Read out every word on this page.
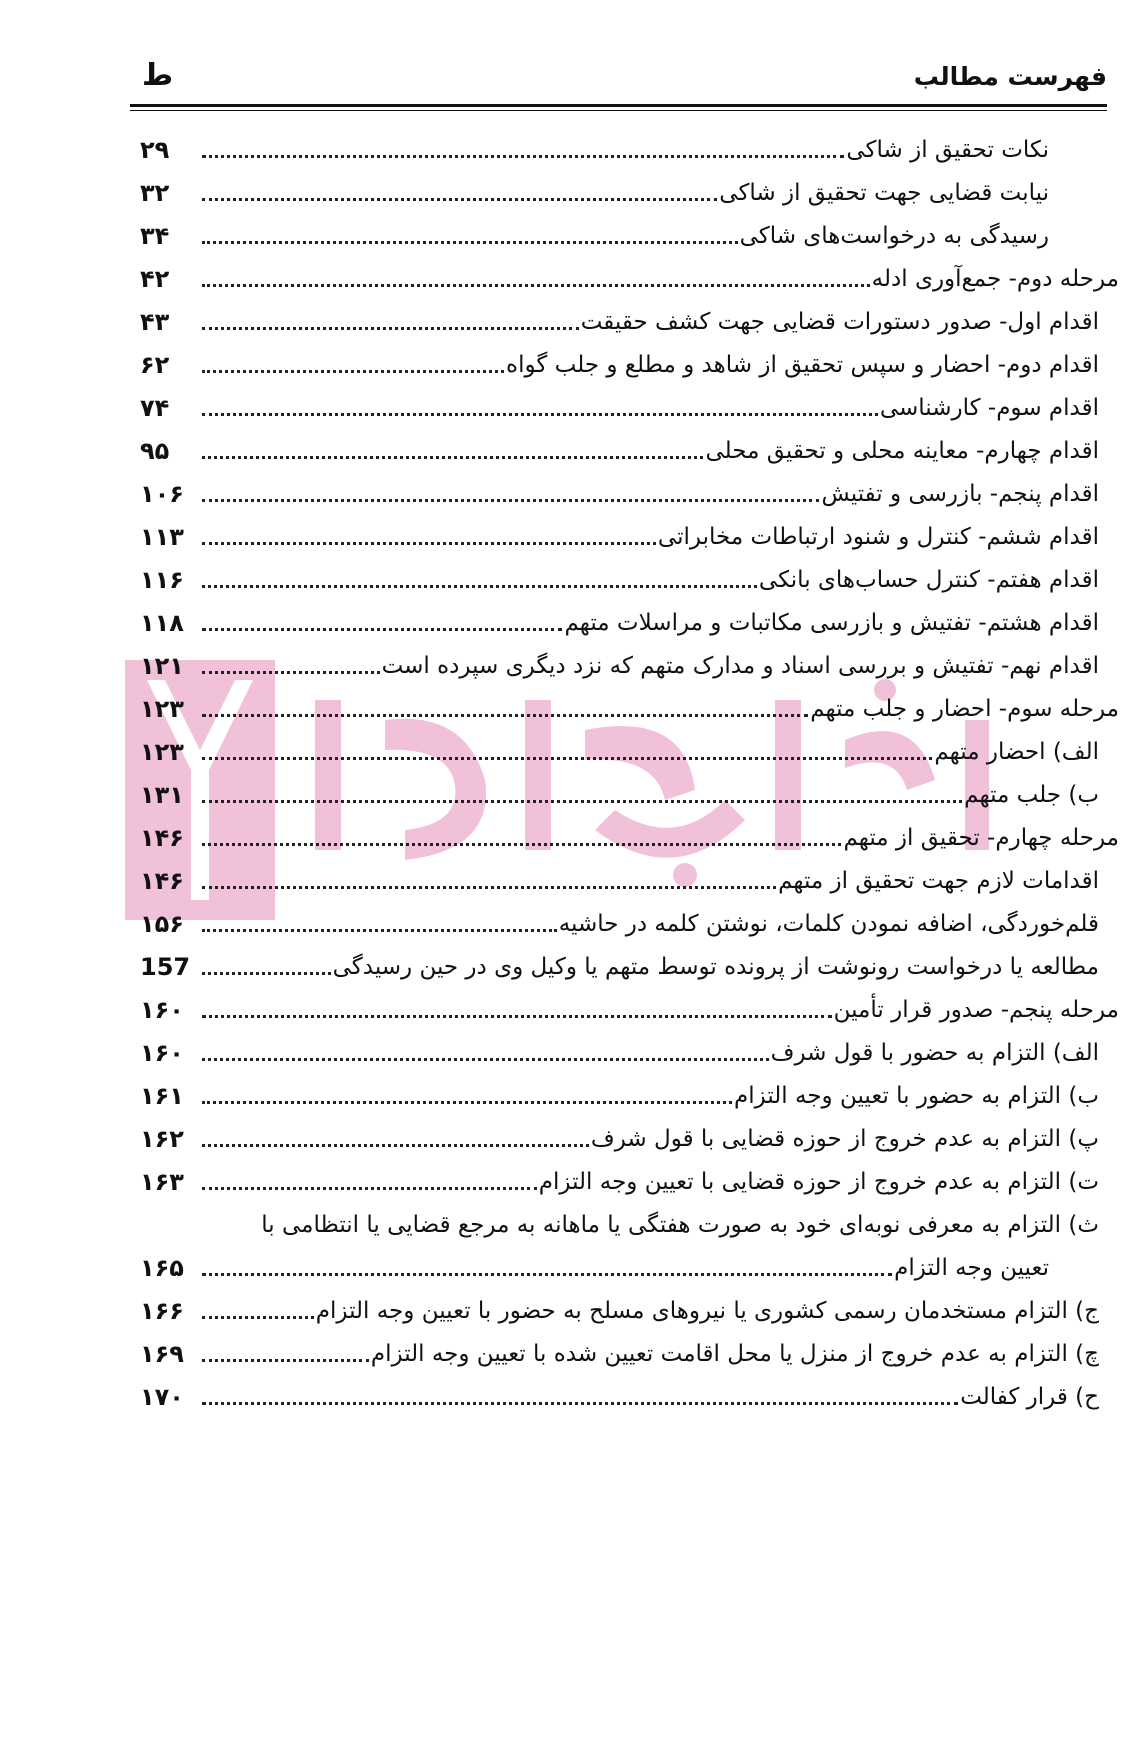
فهرست مطالب
ط
نکات تحقیق از شاکی
۲۹
نیابت قضایی جهت تحقیق از شاکی
۳۲
رسیدگی به درخواست‌های شاکی
۳۴
مرحله دوم- جمع‌آوری ادله
۴۲
اقدام اول- صدور دستورات قضایی جهت کشف حقیقت
۴۳
اقدام دوم- احضار و سپس تحقیق از شاهد و مطلع و جلب گواه
۶۲
اقدام سوم- کارشناسی
۷۴
اقدام چهارم- معاینه محلی و تحقیق محلی
۹۵
اقدام پنجم- بازرسی و تفتیش
۱۰۶
اقدام ششم- کنترل و شنود ارتباطات مخابراتی
۱۱۳
اقدام هفتم- کنترل حساب‌های بانکی
۱۱۶
اقدام هشتم- تفتیش و بازرسی مکاتبات و مراسلات متهم
۱۱۸
اقدام نهم- تفتیش و بررسی اسناد و مدارک متهم که نزد دیگری سپرده است
۱۲۱
مرحله سوم- احضار و جلب متهم
۱۲۳
الف) احضار متهم
۱۲۳
ب) جلب متهم
۱۳۱
مرحله چهارم- تحقیق از متهم
۱۴۶
اقدامات لازم جهت تحقیق از متهم
۱۴۶
قلم‌خوردگی، اضافه نمودن کلمات، نوشتن کلمه در حاشیه
۱۵۶
مطالعه یا درخواست رونوشت از پرونده توسط متهم یا وکیل وی در حین رسیدگی
157
مرحله پنجم- صدور قرار تأمین
۱۶۰
الف) التزام به حضور با قول شرف
۱۶۰
ب) التزام به حضور با تعیین وجه التزام
۱۶۱
پ) التزام به عدم خروج از حوزه قضایی با قول شرف
۱۶۲
ت) التزام به عدم خروج از حوزه قضایی با تعیین وجه التزام
۱۶۳
ث) التزام به معرفی نوبه‌ای خود به صورت هفتگی یا ماهانه به مرجع قضایی یا انتظامی با
تعیین وجه التزام
۱۶۵
ج) التزام مستخدمان رسمی کشوری یا نیروهای مسلح به حضور با تعیین وجه التزام
۱۶۶
چ) التزام به عدم خروج از منزل یا محل اقامت تعیین شده با تعیین وجه التزام
۱۶۹
ح) قرار کفالت
۱۷۰
